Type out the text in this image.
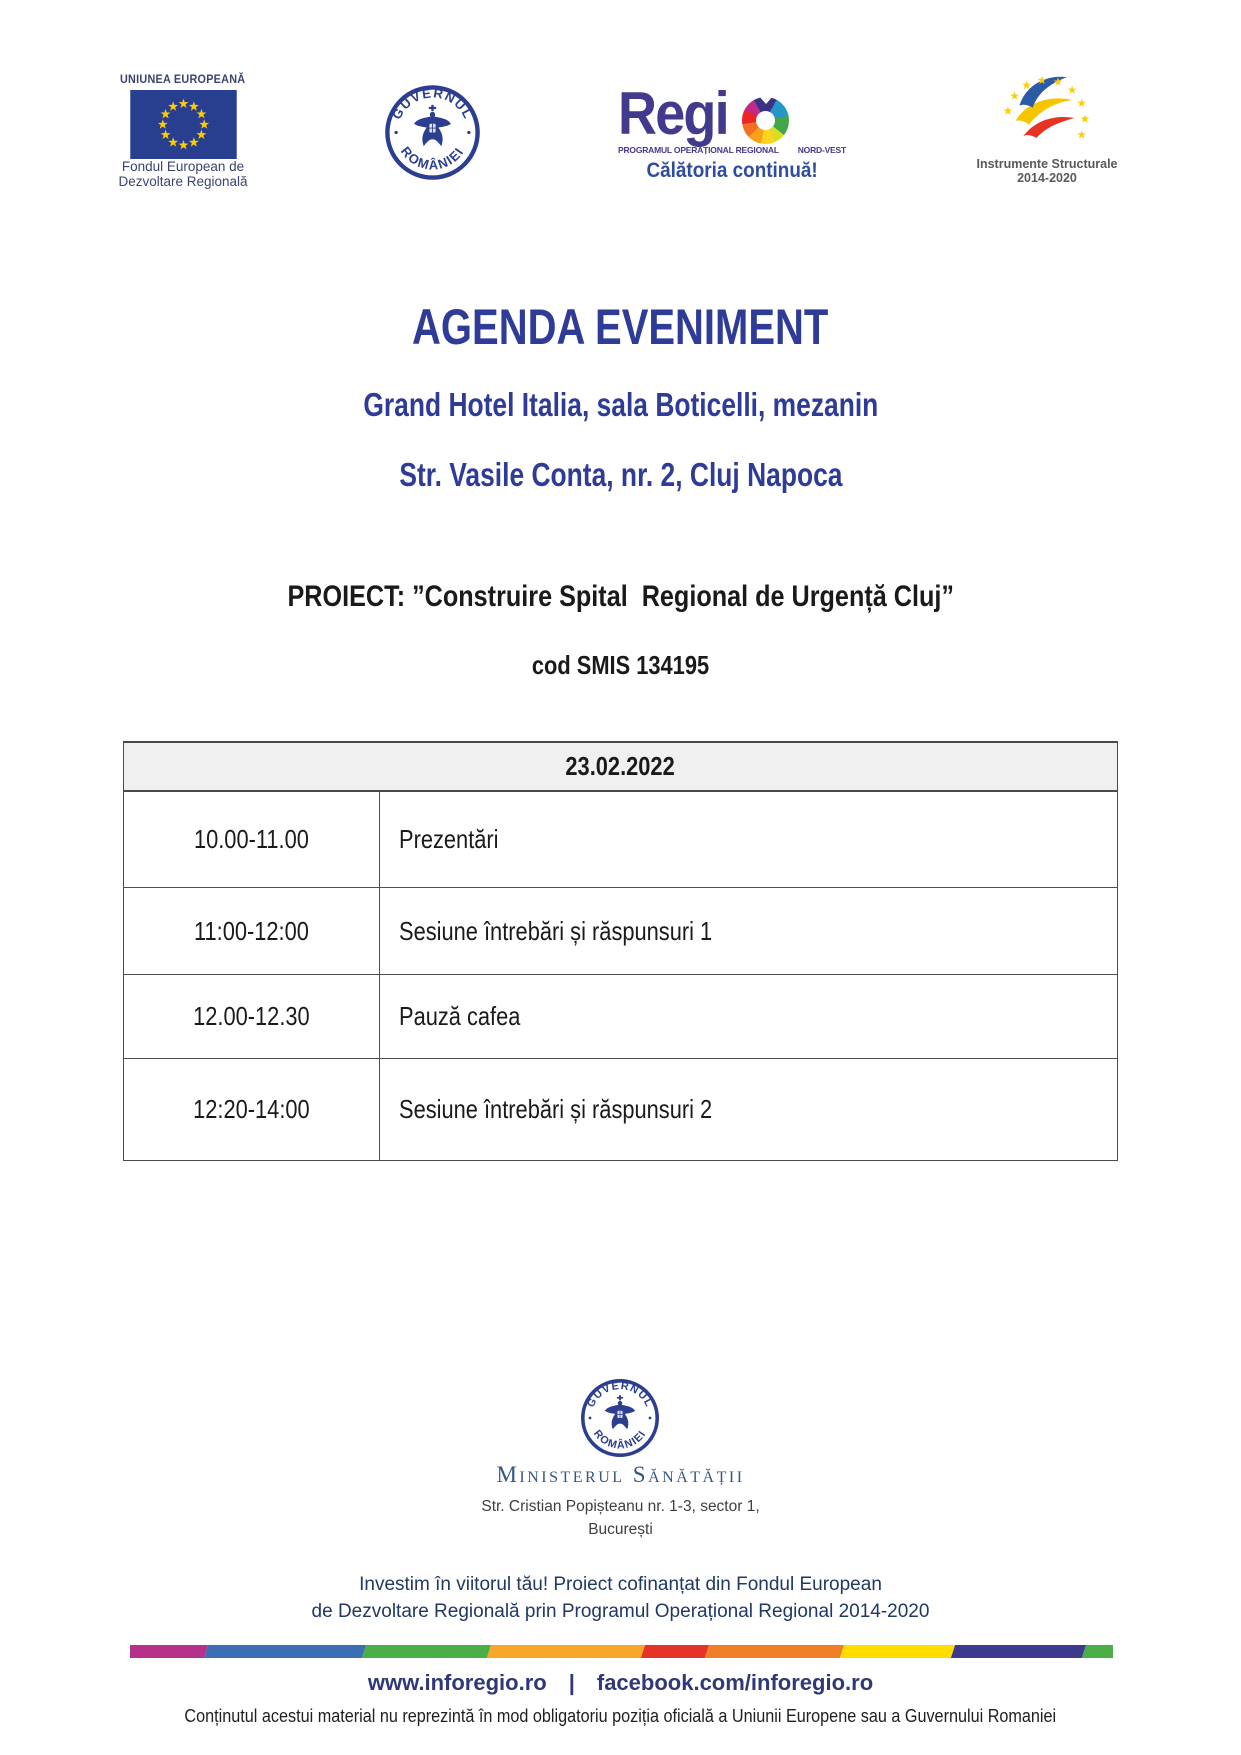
UNIUNEA EUROPEANĂ
Fondul European de
Dezvoltare Regională
GUVERNUL
ROMÂNIEI
Regi
PROGRAMUL OPERAȚIONAL REGIONAL NORD-VEST
Călătoria continuă!	Instrumente Structurale
2014-2020
AGENDA EVENIMENT
Grand Hotel Italia, sala Boticelli, mezanin
Str. Vasile Conta, nr. 2, Cluj Napoca
PROIECT: ”Construire Spital  Regional de Urgență Cluj”
cod SMIS 134195
23.02.2022
10.00-11.00	Prezentări
11:00-12:00	Sesiune întrebări și răspunsuri 1
12.00-12.30	Pauză cafea
12:20-14:00	Sesiune întrebări și răspunsuri 2
Ministerul Sănătății
Str. Cristian Popișteanu nr. 1-3, sector 1,
București
Investim în viitorul tău! Proiect cofinanțat din Fondul European
de Dezvoltare Regională prin Programul Operațional Regional 2014-2020
www.inforegio.ro | facebook.com/inforegio.ro
Conținutul acestui material nu reprezintă în mod obligatoriu poziția oficială a Uniunii Europene sau a Guvernului Romaniei
